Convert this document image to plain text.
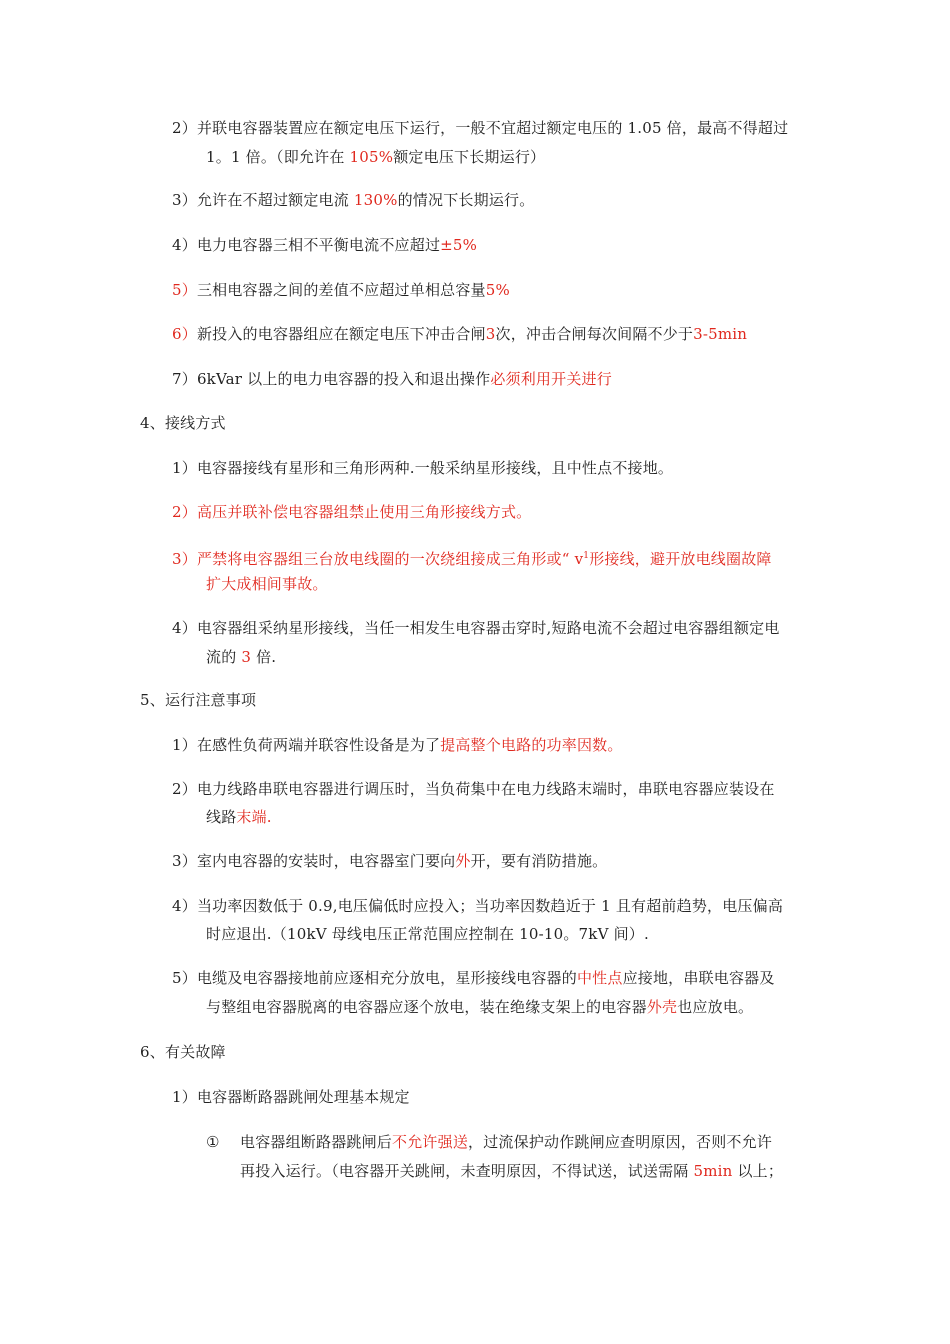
2）并联电容器装置应在额定电压下运行，一般不宜超过额定电压的 1.05 倍，最高不得超过
1。1 倍。（即允许在 105%额定电压下长期运行）
3）允许在不超过额定电流 130%的情况下长期运行。
4）电力电容器三相不平衡电流不应超过±5%
5）三相电容器之间的差值不应超过单相总容量5%
6）新投入的电容器组应在额定电压下冲击合闸3次，冲击合闸每次间隔不少于3-5min
7）6kVar 以上的电力电容器的投入和退出操作必须利用开关进行
4、接线方式
1）电容器接线有星形和三角形两种.一般采纳星形接线，且中性点不接地。
2）高压并联补偿电容器组禁止使用三角形接线方式。
3）严禁将电容器组三台放电线圈的一次绕组接成三角形或“ $v^1$形接线，避开放电线圈故障
扩大成相间事故。
4）电容器组采纳星形接线，当任一相发生电容器击穿时,短路电流不会超过电容器组额定电
流的 3 倍.
5、运行注意事项
1）在感性负荷两端并联容性设备是为了提高整个电路的功率因数。
2）电力线路串联电容器进行调压时，当负荷集中在电力线路末端时，串联电容器应装设在
线路末端.
3）室内电容器的安装时，电容器室门要向外开，要有消防措施。
4）当功率因数低于 0.9,电压偏低时应投入；当功率因数趋近于 1 且有超前趋势，电压偏高
时应退出.（10kV 母线电压正常范围应控制在 10-10。7kV 间）.
5）电缆及电容器接地前应逐相充分放电，星形接线电容器的中性点应接地，串联电容器及
与整组电容器脱离的电容器应逐个放电，装在绝缘支架上的电容器外壳也应放电。
6、有关故障
1）电容器断路器跳闸处理基本规定
① 电容器组断路器跳闸后不允许强送，过流保护动作跳闸应查明原因，否则不允许
再投入运行。（电容器开关跳闸，未查明原因，不得试送，试送需隔 5min 以上；
